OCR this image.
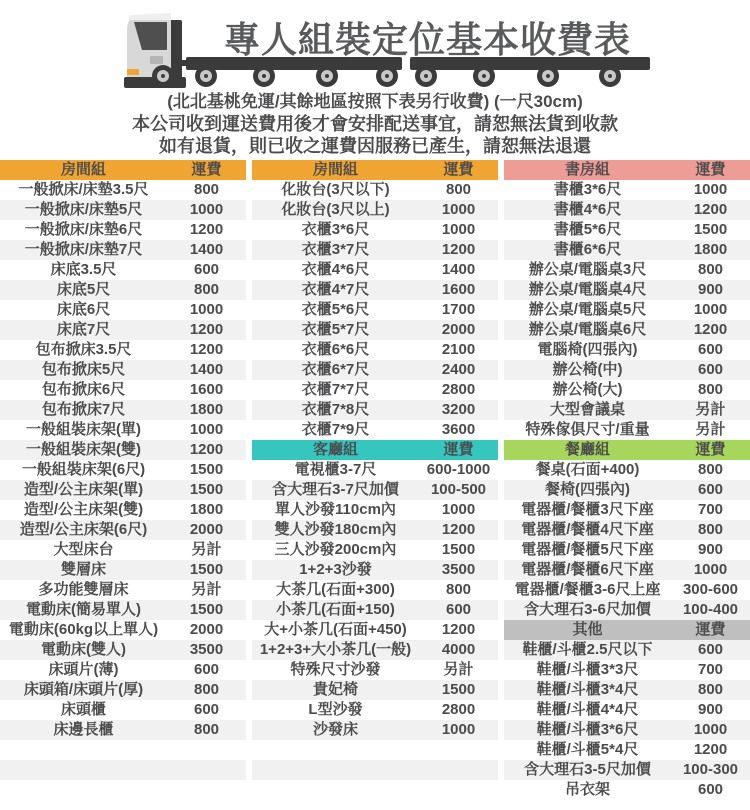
專人組裝定位基本收費表
(北北基桃免運/其餘地區按照下表另行收費) (一尺30cm)
本公司收到運送費用後才會安排配送事宜，請恕無法貨到收款
如有退貨，則已收之運費因服務已產生，請恕無法退還
房間組	運費
一般掀床/床墊3.5尺	800
一般掀床/床墊5尺	1000
一般掀床/床墊6尺	1200
一般掀床/床墊7尺	1400
床底3.5尺	600
床底5尺	800
床底6尺	1000
床底7尺	1200
包布掀床3.5尺	1200
包布掀床5尺	1400
包布掀床6尺	1600
包布掀床7尺	1800
一般組裝床架(單)	1000
一般組裝床架(雙)	1200
一般組裝床架(6尺)	1500
造型/公主床架(單)	1500
造型/公主床架(雙)	1800
造型/公主床架(6尺)	2000
大型床台	另計
雙層床	1500
多功能雙層床	另計
電動床(簡易單人)	1500
電動床(60kg以上單人)	2000
電動床(雙人)	3500
床頭片(薄)	600
床頭箱/床頭片(厚)	800
床頭櫃	600
床邊長櫃	800
房間組	運費
化妝台(3尺以下)	800
化妝台(3尺以上)	1000
衣櫃3*6尺	1000
衣櫃3*7尺	1200
衣櫃4*6尺	1400
衣櫃4*7尺	1600
衣櫃5*6尺	1700
衣櫃5*7尺	2000
衣櫃6*6尺	2100
衣櫃6*7尺	2400
衣櫃7*7尺	2800
衣櫃7*8尺	3200
衣櫃7*9尺	3600
客廳組	運費
電視櫃3-7尺	600-1000
含大理石3-7尺加價	100-500
單人沙發110cm內	1000
雙人沙發180cm內	1200
三人沙發200cm內	1500
1+2+3沙發	3500
大茶几(石面+300)	800
小茶几(石面+150)	600
大+小茶几(石面+450)	1200
1+2+3+大小茶几(一般)	4000
特殊尺寸沙發	另計
貴妃椅	1500
L型沙發	2800
沙發床	1000
書房組	運費
書櫃3*6尺	1000
書櫃4*6尺	1200
書櫃5*6尺	1500
書櫃6*6尺	1800
辦公桌/電腦桌3尺	800
辦公桌/電腦桌4尺	900
辦公桌/電腦桌5尺	1000
辦公桌/電腦桌6尺	1200
電腦椅(四張內)	600
辦公椅(中)	600
辦公椅(大)	800
大型會議桌	另計
特殊傢俱尺寸/重量	另計
餐廳組	運費
餐桌(石面+400)	800
餐椅(四張內)	600
電器櫃/餐櫃3尺下座	700
電器櫃/餐櫃4尺下座	800
電器櫃/餐櫃5尺下座	900
電器櫃/餐櫃6尺下座	1000
電器櫃/餐櫃3-6尺上座	300-600
含大理石3-6尺加價	100-400
其他	運費
鞋櫃/斗櫃2.5尺以下	600
鞋櫃/斗櫃3*3尺	700
鞋櫃/斗櫃3*4尺	800
鞋櫃/斗櫃4*4尺	900
鞋櫃/斗櫃3*6尺	1000
鞋櫃/斗櫃5*4尺	1200
含大理石3-5尺加價	100-300
吊衣架	600
